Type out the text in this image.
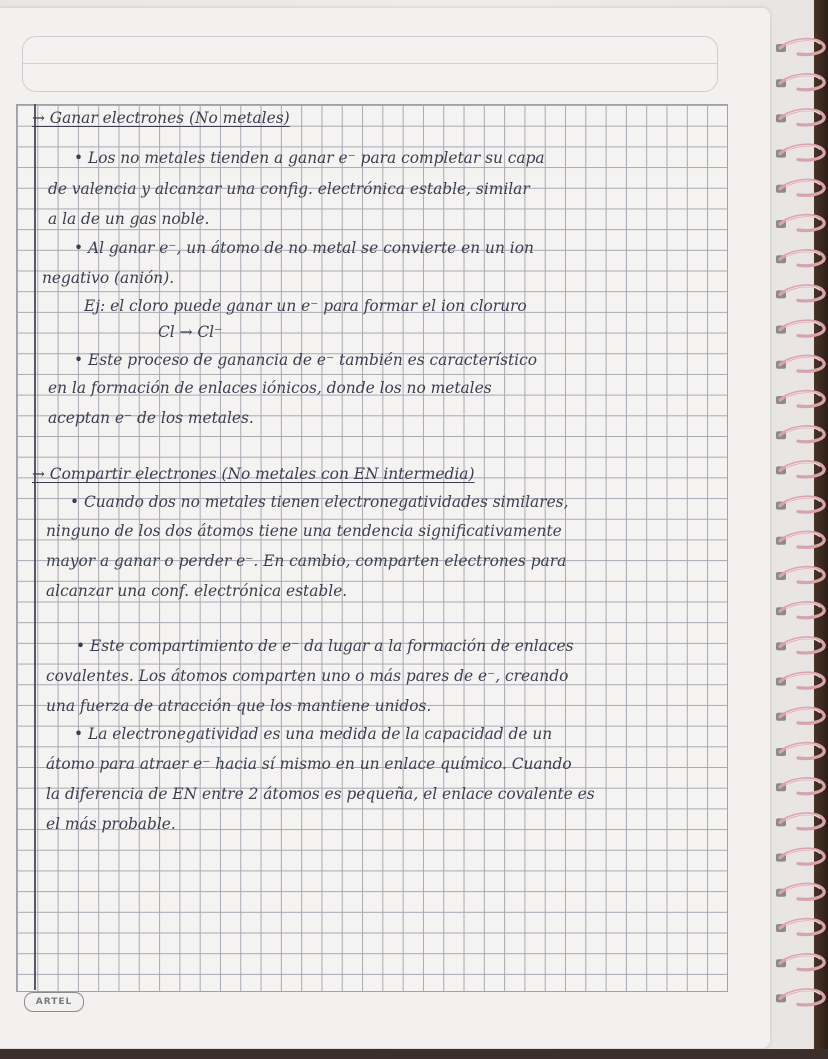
→ Ganar electrones (No metales)
• Los no metales tienden a ganar e⁻ para completar su capa
de valencia y alcanzar una config. electrónica estable, similar
a la de un gas noble.
• Al ganar e⁻, un átomo de no metal se convierte en un ion
negativo (anión).
Ej: el cloro puede ganar un e⁻ para formar el ion cloruro
Cl → Cl⁻
• Este proceso de ganancia de e⁻ también es característico
en la formación de enlaces iónicos, donde los no metales
aceptan e⁻ de los metales.
→ Compartir electrones (No metales con EN intermedia)
• Cuando dos no metales tienen electronegatividades similares,
ninguno de los dos átomos tiene una tendencia significativamente
mayor a ganar o perder e⁻. En cambio, comparten electrones para
alcanzar una conf. electrónica estable.
• Este compartimiento de e⁻ da lugar a la formación de enlaces
covalentes. Los átomos comparten uno o más pares de e⁻, creando
una fuerza de atracción que los mantiene unidos.
• La electronegatividad es una medida de la capacidad de un
átomo para atraer e⁻ hacia sí mismo en un enlace químico. Cuando
la diferencia de EN entre 2 átomos es pequeña, el enlace covalente es
el más probable.
ARTEL
